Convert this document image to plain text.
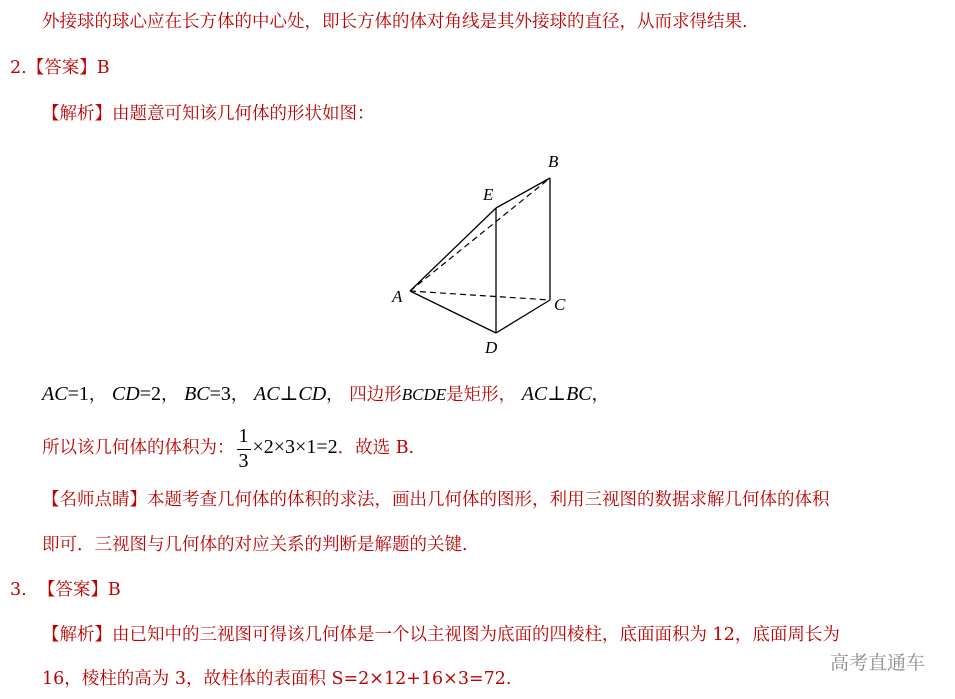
外接球的球心应在长方体的中心处，即长方体的体对角线是其外接球的直径，从而求得结果.
2.【答案】B
【解析】由题意可知该几何体的形状如图：
A
B
C
D
E
AC=1， CD=2， BC=3， AC⊥CD， 四边形BCDE是矩形， AC⊥BC，
所以该几何体的体积为： $\frac{1}{3} \times 2\times 3\times 1=2$．故选 B.
【名师点睛】本题考查几何体的体积的求法，画出几何体的图形，利用三视图的数据求解几何体的体积
即可．三视图与几何体的对应关系的判断是解题的关键.
3. 【答案】B
【解析】由已知中的三视图可得该几何体是一个以主视图为底面的四棱柱，底面面积为 12，底面周长为
16，棱柱的高为 3，故柱体的表面积 S=2×12+16×3=72.
高考直通车
